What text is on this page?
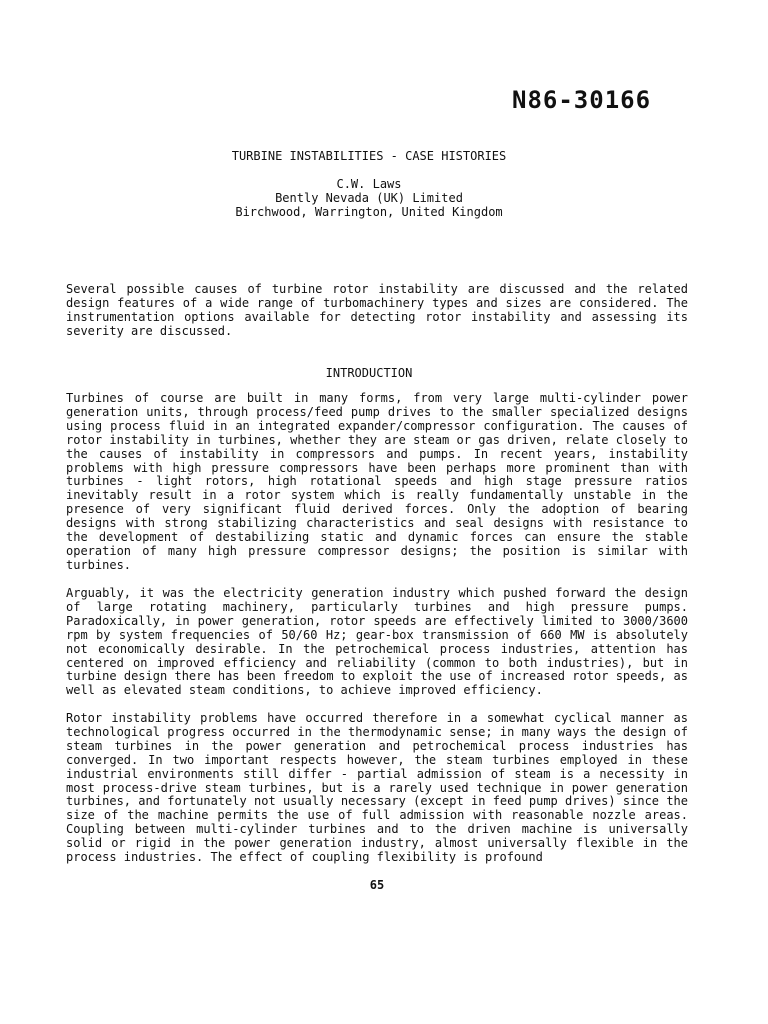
N86-30166
TURBINE INSTABILITIES - CASE HISTORIES
C.W. Laws
Bently Nevada (UK) Limited
Birchwood, Warrington, United Kingdom

Several possible causes of turbine rotor instability are discussed and the related design features of a wide range of turbomachinery types and sizes are considered. The instrumentation options available for detecting rotor instability and assessing its severity are discussed.

INTRODUCTION

Turbines of course are built in many forms, from very large multi-cylinder power generation units, through process/feed pump drives to the smaller specialized designs using process fluid in an integrated expander/compressor configuration. The causes of rotor instability in turbines, whether they are steam or gas driven, relate closely to the causes of instability in compressors and pumps. In recent years, instability problems with high pressure compressors have been perhaps more prominent than with turbines - light rotors, high rotational speeds and high stage pressure ratios inevitably result in a rotor system which is really fundamentally unstable in the presence of very significant fluid derived forces. Only the adoption of bearing designs with strong stabilizing characteristics and seal designs with resistance to the development of destabilizing static and dynamic forces can ensure the stable operation of many high pressure compressor designs; the position is similar with turbines.

Arguably, it was the electricity generation industry which pushed forward the design of large rotating machinery, particularly turbines and high pressure pumps. Paradoxically, in power generation, rotor speeds are effectively limited to 3000/3600 rpm by system frequencies of 50/60 Hz; gear-box transmission of 660 MW is absolutely not economically desirable. In the petrochemical process industries, attention has centered on improved efficiency and reliability (common to both industries), but in turbine design there has been freedom to exploit the use of increased rotor speeds, as well as elevated steam conditions, to achieve improved efficiency.

Rotor instability problems have occurred therefore in a somewhat cyclical manner as technological progress occurred in the thermodynamic sense; in many ways the design of steam turbines in the power generation and petrochemical process industries has converged. In two important respects however, the steam turbines employed in these industrial environments still differ - partial admission of steam is a necessity in most process-drive steam turbines, but is a rarely used technique in power generation turbines, and fortunately not usually necessary (except in feed pump drives) since the size of the machine permits the use of full admission with reasonable nozzle areas. Coupling between multi-cylinder turbines and to the driven machine is universally solid or rigid in the power generation industry, almost universally flexible in the process industries. The effect of coupling flexibility is profound

65
